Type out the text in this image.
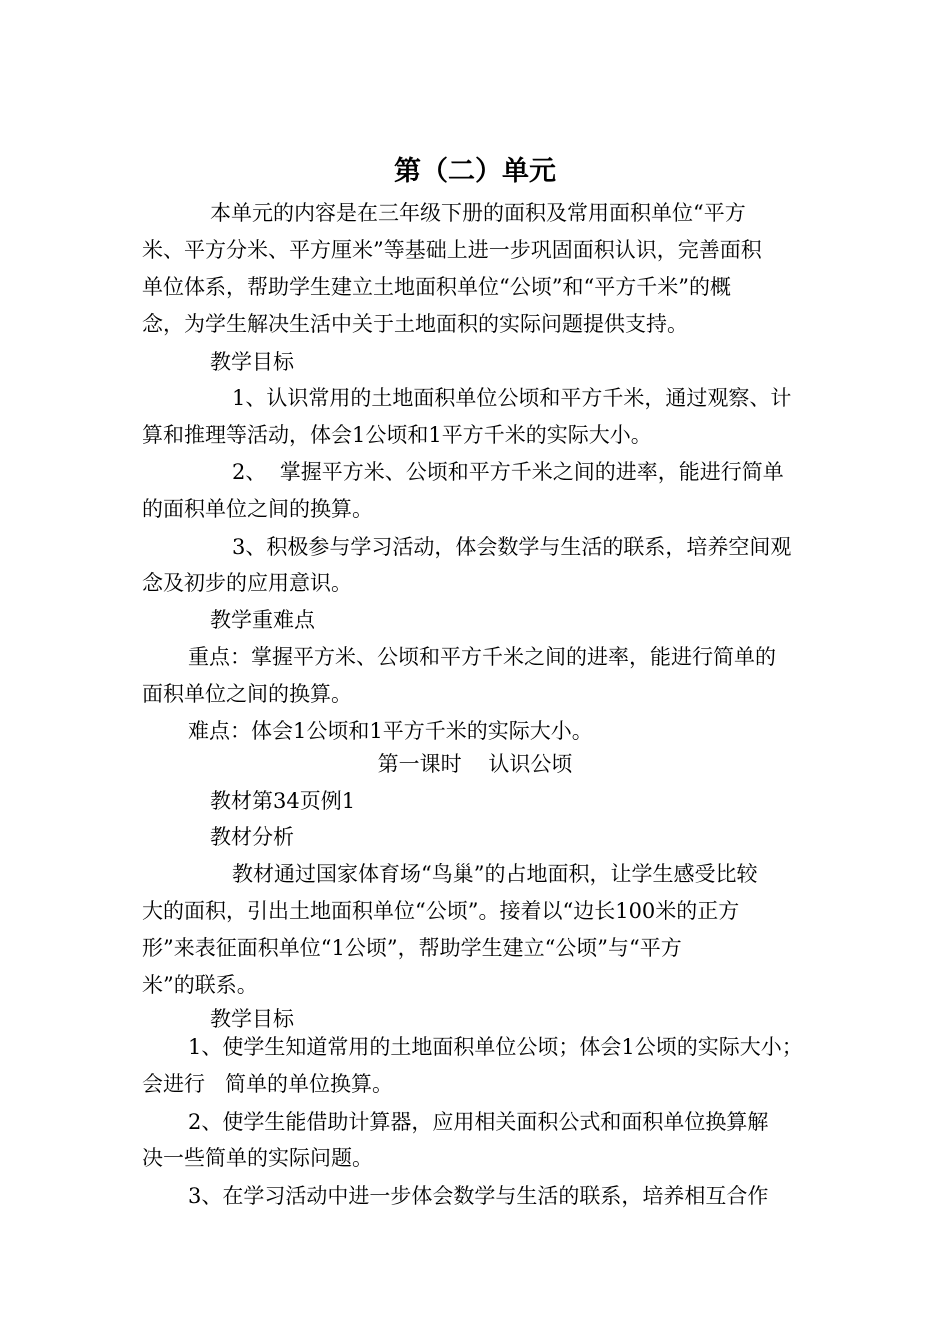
第（二）单元
本单元的内容是在三年级下册的面积及常用面积单位“平方
米、平方分米、平方厘米”等基础上进一步巩固面积认识，完善面积
单位体系，帮助学生建立土地面积单位“公顷”和“平方千米”的概
念，为学生解决生活中关于土地面积的实际问题提供支持。
教学目标
1、认识常用的土地面积单位公顷和平方千米，通过观察、计
算和推理等活动，体会1公顷和1平方千米的实际大小。
2、  掌握平方米、公顷和平方千米之间的进率，能进行简单
的面积单位之间的换算。
3、积极参与学习活动，体会数学与生活的联系，培养空间观
念及初步的应用意识。
教学重难点
重点：掌握平方米、公顷和平方千米之间的进率，能进行简单的
面积单位之间的换算。
难点：体会1公顷和1平方千米的实际大小。
第一课时    认识公顷
教材第34页例1
教材分析
教材通过国家体育场“鸟巢”的占地面积，让学生感受比较
大的面积，引出土地面积单位“公顷”。接着以“边长100米的正方
形”来表征面积单位“1公顷”，帮助学生建立“公顷”与“平方
米”的联系。
教学目标
1、使学生知道常用的土地面积单位公顷；体会1公顷的实际大小；
会进行   简单的单位换算。
2、使学生能借助计算器，应用相关面积公式和面积单位换算解
决一些简单的实际问题。
3、在学习活动中进一步体会数学与生活的联系，培养相互合作
